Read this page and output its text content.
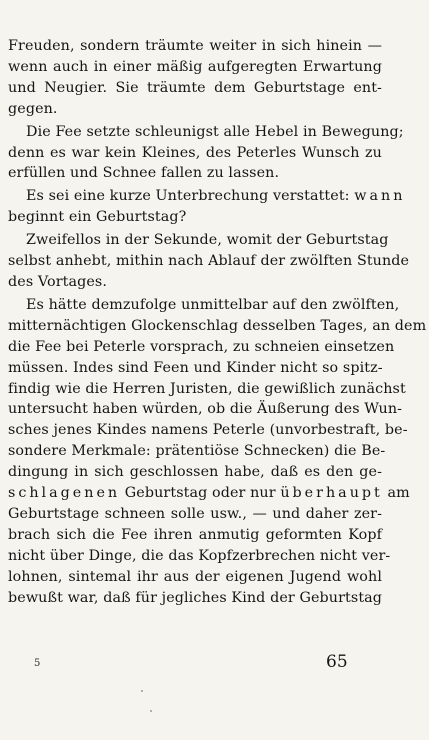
Freuden, sondern träumte weiter in sich hinein —
wenn auch in einer mäßig aufgeregten Erwartung
und Neugier. Sie träumte dem Geburtstage ent-
gegen.
Die Fee setzte schleunigst alle Hebel in Bewegung;
denn es war kein Kleines, des Peterles Wunsch zu
erfüllen und Schnee fallen zu lassen.
Es sei eine kurze Unterbrechung verstattet: wann
beginnt ein Geburtstag?
Zweifellos in der Sekunde, womit der Geburtstag
selbst anhebt, mithin nach Ablauf der zwölften Stunde
des Vortages.
Es hätte demzufolge unmittelbar auf den zwölften,
mitternächtigen Glockenschlag desselben Tages, an dem
die Fee bei Peterle vorsprach, zu schneien einsetzen
müssen. Indes sind Feen und Kinder nicht so spitz-
findig wie die Herren Juristen, die gewißlich zunächst
untersucht haben würden, ob die Äußerung des Wun-
sches jenes Kindes namens Peterle (unvorbestraft, be-
sondere Merkmale: prätentiöse Schnecken) die Be-
dingung in sich geschlossen habe, daß es den ge-
schlagenen Geburtstag oder nur überhaupt am
Geburtstage schneen solle usw., — und daher zer-
brach sich die Fee ihren anmutig geformten Kopf
nicht über Dinge, die das Kopfzerbrechen nicht ver-
lohnen, sintemal ihr aus der eigenen Jugend wohl
bewußt war, daß für jegliches Kind der Geburtstag
5	65
